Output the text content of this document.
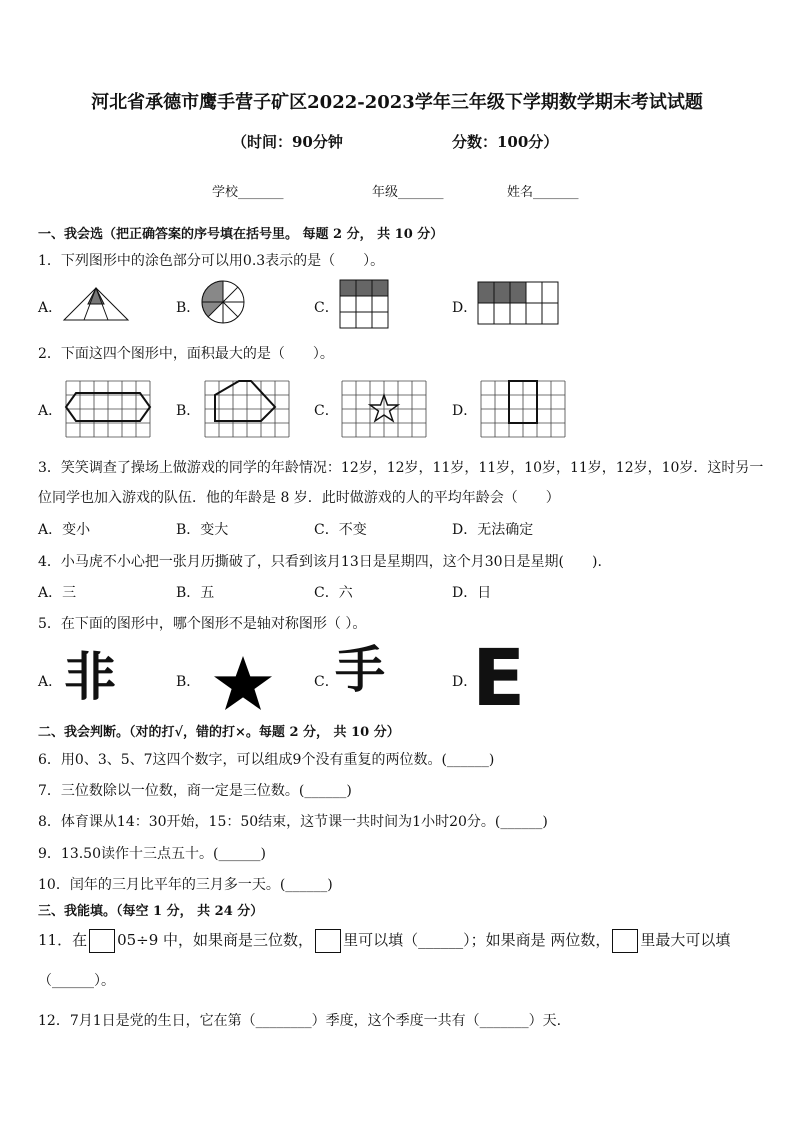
河北省承德市鹰手营子矿区2022-2023学年三年级下学期数学期末考试试题
（时间：90分钟	分数：100分）
学校_______	年级_______	姓名_______
一、我会选（把正确答案的序号填在括号里。 每题 2 分， 共 10 分）
1．下列图形中的涂色部分可以用0.3表示的是（　　）。
A．	B．	C．	D．
2．下面这四个图形中，面积最大的是（　　）。
A．	B．	C．	D．
3．笑笑调查了操场上做游戏的同学的年龄情况：12岁，12岁，11岁，11岁，10岁，11岁，12岁，10岁．这时另一
位同学也加入游戏的队伍．他的年龄是 8 岁．此时做游戏的人的平均年龄会（　　）
A．变小	B．变大	C．不变	D．无法确定
4．小马虎不小心把一张月历撕破了，只看到该月13日是星期四，这个月30日是星期(　　).
A．三	B．五	C．六	D．日
5．在下面的图形中，哪个图形不是轴对称图形（ ）。
A． 非	B．	C．
手	D．
E
二、我会判断。（对的打√，错的打×。每题 2 分， 共 10 分）
6．用0、3、5、7这四个数字，可以组成9个没有重复的两位数。(______)
7．三位数除以一位数，商一定是三位数。(______)
8．体育课从14：30开始，15：50结束，这节课一共时间为1小时20分。(______)
9．13.50读作十三点五十。(______)
10．闰年的三月比平年的三月多一天。(______)
三、我能填。（每空 1 分， 共 24 分）
11．在 05÷9 中，如果商是三位数， 里可以填（______）；如果商是 两位数， 里最大可以填
（______）。
12．7月1日是党的生日，它在第（________）季度，这个季度一共有（_______）天.
